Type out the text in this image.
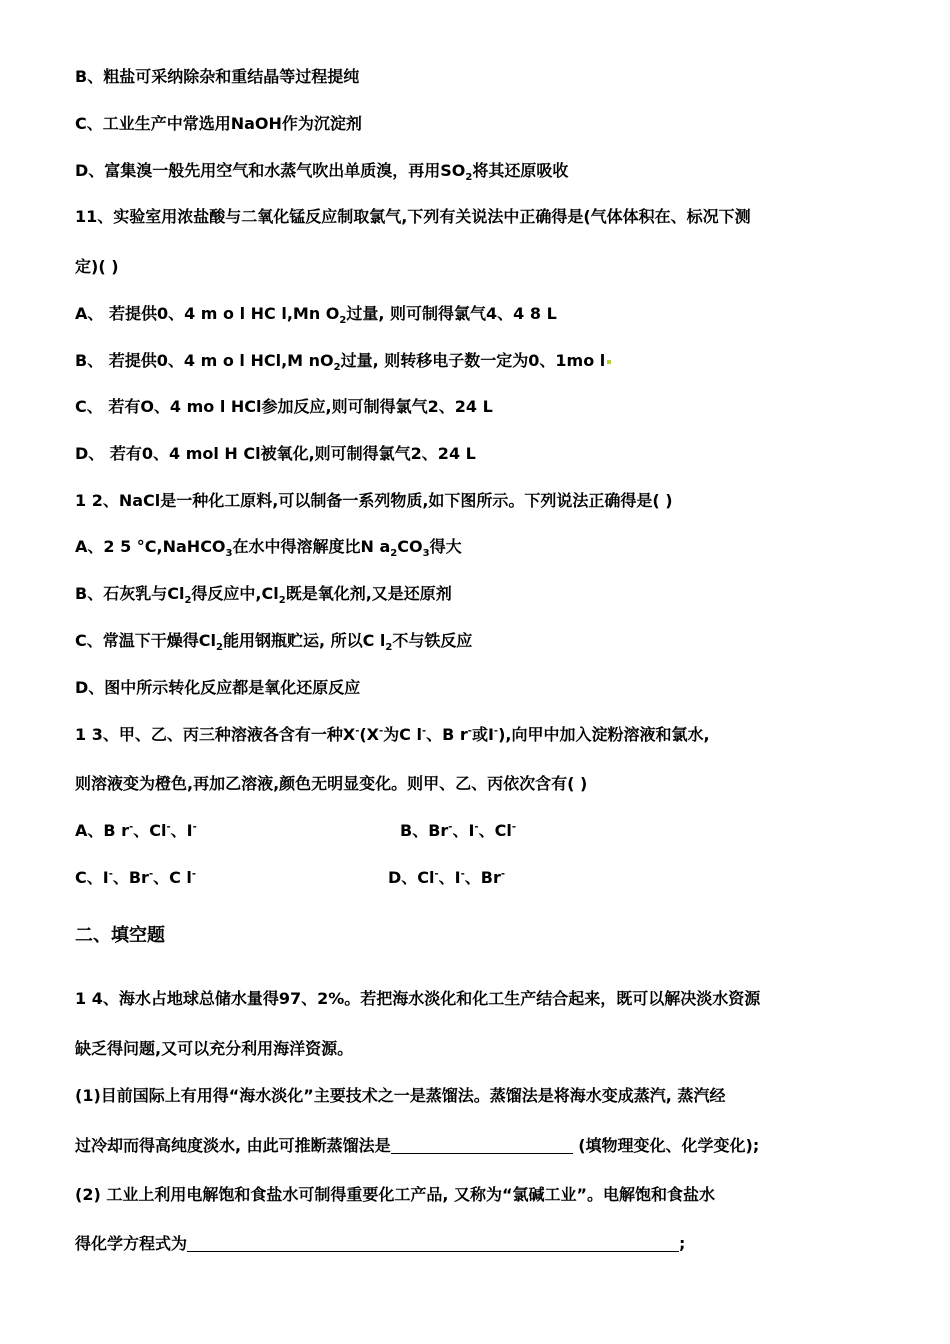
B、粗盐可采纳除杂和重结晶等过程提纯
C、工业生产中常选用NaOH作为沉淀剂
D、富集溴一般先用空气和水蒸气吹出单质溴，再用$SO_2$将其还原吸收
11、实验室用浓盐酸与二氧化锰反应制取氯气,下列有关说法中正确得是(气体体积在、标况下测
定)( )
A、 若提供0、4 m o l HC l,Mn $O_2$过量, 则可制得氯气4、4 8 L
B、 若提供0、4 m o l HCl,M $nO_2$过量, 则转移电子数一定为0、1mo l
C、 若有O、4 mo l HCl参加反应,则可制得氯气2、24 L
D、 若有0、4 mol H Cl被氧化,则可制得氯气2、24 L
1 2、NaCl是一种化工原料,可以制备一系列物质,如下图所示。下列说法正确得是( )
A、2 5 °C,NaHCO$_3$在水中得溶解度比N $a_2CO_3$得大
B、石灰乳与$Cl_2$得反应中$,Cl_2$既是氧化剂,又是还原剂
C、常温下干燥得$Cl_2$能用钢瓶贮运, 所以C $l_2$不与铁反应
D、图中所示转化反应都是氧化还原反应
1 3、甲、乙、丙三种溶液各含有一种X-(X-为C l-、B r-或I-),向甲中加入淀粉溶液和氯水,
则溶液变为橙色,再加乙溶液,颜色无明显变化。则甲、乙、丙依次含有( )
A、B r-、Cl-、I-	B、Br-、I-、Cl-
C、I-、Br-、C l-	D、Cl-、I-、Br-
二、填空题
1 4、海水占地球总储水量得97、2%。若把海水淡化和化工生产结合起来，既可以解决淡水资源
缺乏得问题,又可以充分利用海洋资源。
(1)目前国际上有用得“海水淡化”主要技术之一是蒸馏法。蒸馏法是将海水变成蒸汽, 蒸汽经
过冷却而得高纯度淡水, 由此可推断蒸馏法是	(填物理变化、化学变化);
(2) 工业上利用电解饱和食盐水可制得重要化工产品, 又称为“氯碱工业”。电解饱和食盐水
得化学方程式为	;
